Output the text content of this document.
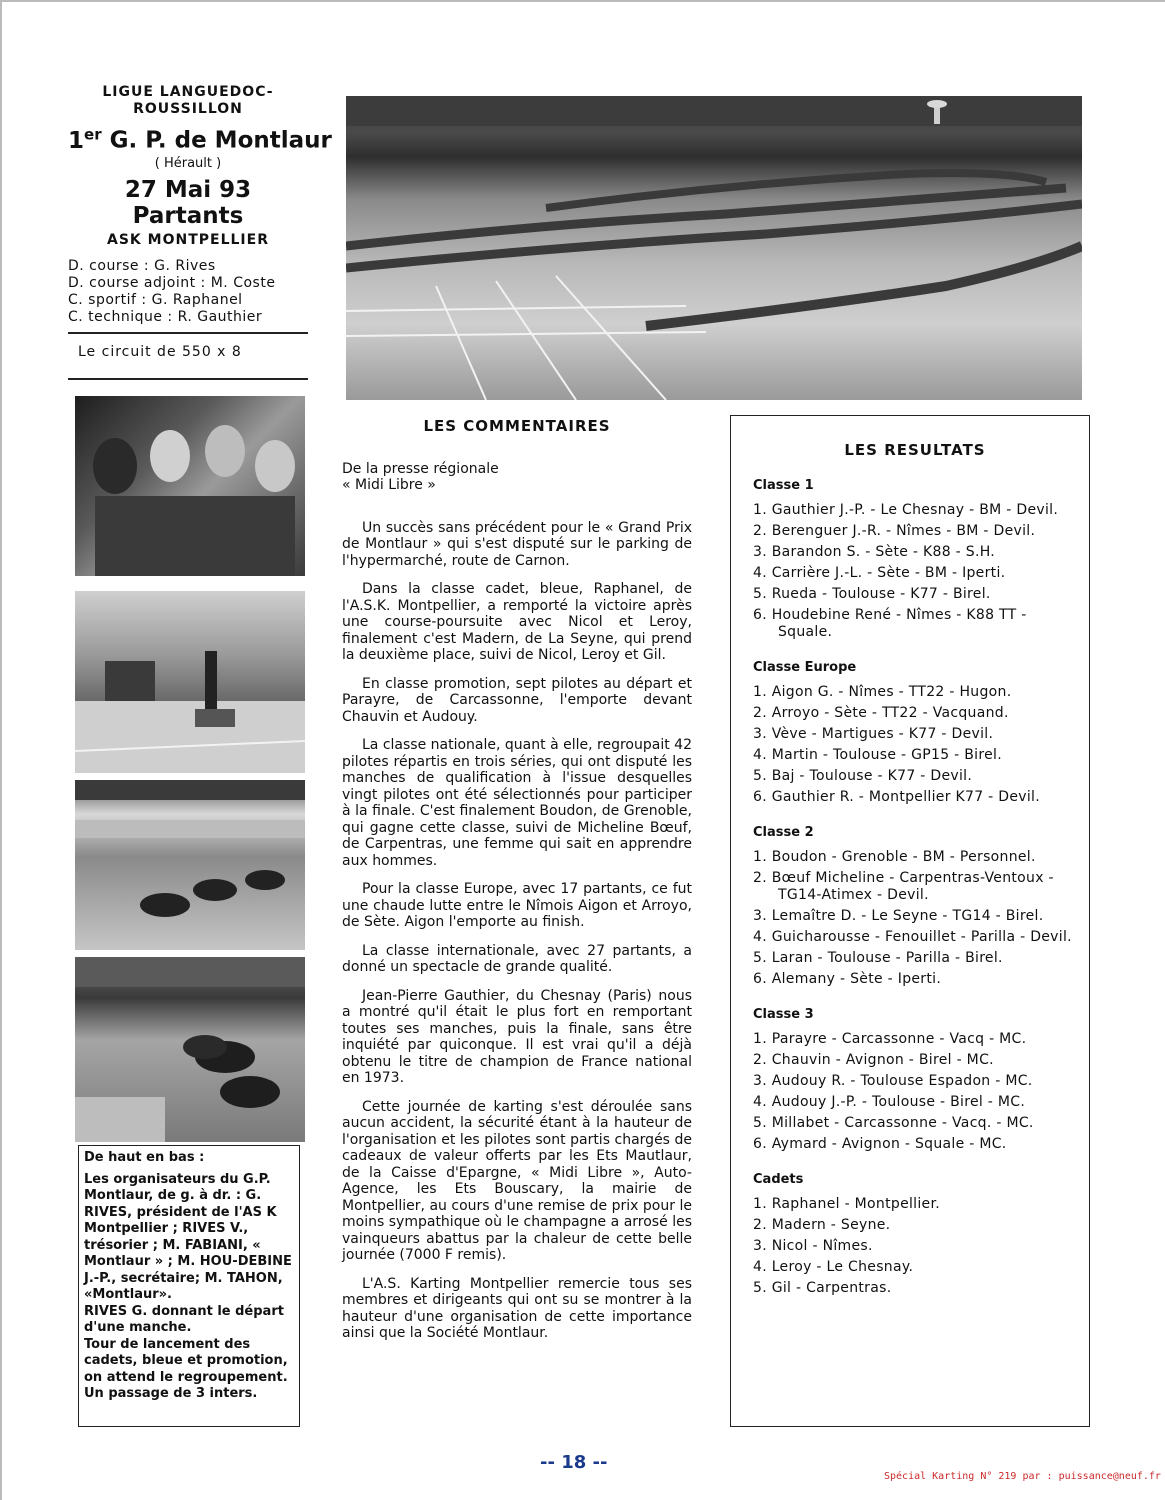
LIGUE LANGUEDOC-ROUSSILLON
1er G. P. de Montlaur
( Hérault )
27 Mai 93 Partants
ASK MONTPELLIER
D. course : G. Rives
D. course adjoint : M. Coste
C. sportif : G. Raphanel
C. technique : R. Gauthier
Le circuit de 550 x 8
De haut en bas :
Les organisateurs du G.P. Montlaur, de g. à dr. : G. RIVES, président de l'AS K Montpellier ; RIVES V., trésorier ; M. FABIANI, « Montlaur » ; M. HOU-DEBINE J.-P., secrétaire; M. TAHON, «Montlaur».
RIVES G. donnant le départ d'une manche.
Tour de lancement des cadets, bleue et promotion, on attend le regroupement.
Un passage de 3 inters.
LES COMMENTAIRES
De la presse régionale
« Midi Libre »

Un succès sans précédent pour le « Grand Prix de Montlaur » qui s'est disputé sur le parking de l'hypermarché, route de Carnon.

Dans la classe cadet, bleue, Raphanel, de l'A.S.K. Montpellier, a remporté la victoire après une course-poursuite avec Nicol et Leroy, finalement c'est Madern, de La Seyne, qui prend la deuxième place, suivi de Nicol, Leroy et Gil.

En classe promotion, sept pilotes au départ et Parayre, de Carcassonne, l'emporte devant Chauvin et Audouy.

La classe nationale, quant à elle, regroupait 42 pilotes répartis en trois séries, qui ont disputé les manches de qualification à l'issue desquelles vingt pilotes ont été sélectionnés pour participer à la finale. C'est finalement Boudon, de Grenoble, qui gagne cette classe, suivi de Micheline Bœuf, de Carpentras, une femme qui sait en apprendre aux hommes.

Pour la classe Europe, avec 17 partants, ce fut une chaude lutte entre le Nîmois Aigon et Arroyo, de Sète. Aigon l'emporte au finish.

La classe internationale, avec 27 partants, a donné un spectacle de grande qualité.

Jean-Pierre Gauthier, du Chesnay (Paris) nous a montré qu'il était le plus fort en remportant toutes ses manches, puis la finale, sans être inquiété par quiconque. Il est vrai qu'il a déjà obtenu le titre de champion de France national en 1973.

Cette journée de karting s'est déroulée sans aucun accident, la sécurité étant à la hauteur de l'organisation et les pilotes sont partis chargés de cadeaux de valeur offerts par les Ets Mautlaur, de la Caisse d'Epargne, « Midi Libre », Auto-Agence, les Ets Bouscary, la mairie de Montpellier, au cours d'une remise de prix pour le moins sympathique où le champagne a arrosé les vainqueurs abattus par la chaleur de cette belle journée (7000 F remis).

L'A.S. Karting Montpellier remercie tous ses membres et dirigeants qui ont su se montrer à la hauteur d'une organisation de cette importance ainsi que la Société Montlaur.

LES RESULTATS
Classe 1
1. Gauthier J.-P. - Le Chesnay - BM - Devil.
2. Berenguer J.-R. - Nîmes - BM - Devil.
3. Barandon S. - Sète - K88 - S.H.
4. Carrière J.-L. - Sète - BM - Iperti.
5. Rueda - Toulouse - K77 - Birel.
6. Houdebine René - Nîmes - K88 TT - Squale.
Classe Europe
1. Aigon G. - Nîmes - TT22 - Hugon.
2. Arroyo - Sète - TT22 - Vacquand.
3. Vève - Martigues - K77 - Devil.
4. Martin - Toulouse - GP15 - Birel.
5. Baj - Toulouse - K77 - Devil.
6. Gauthier R. - Montpellier K77 - Devil.
Classe 2
1. Boudon - Grenoble - BM - Personnel.
2. Bœuf Micheline - Carpentras-Ventoux - TG14-Atimex - Devil.
3. Lemaître D. - Le Seyne - TG14 - Birel.
4. Guicharousse - Fenouillet - Parilla - Devil.
5. Laran - Toulouse - Parilla - Birel.
6. Alemany - Sète - Iperti.
Classe 3
1. Parayre - Carcassonne - Vacq - MC.
2. Chauvin - Avignon - Birel - MC.
3. Audouy R. - Toulouse Espadon - MC.
4. Audouy J.-P. - Toulouse - Birel - MC.
5. Millabet - Carcassonne - Vacq. - MC.
6. Aymard - Avignon - Squale - MC.
Cadets
1. Raphanel - Montpellier.
2. Madern - Seyne.
3. Nicol - Nîmes.
4. Leroy - Le Chesnay.
5. Gil - Carpentras.
-- 18 --
Spécial Karting N° 219 par : puissance@neuf.fr
